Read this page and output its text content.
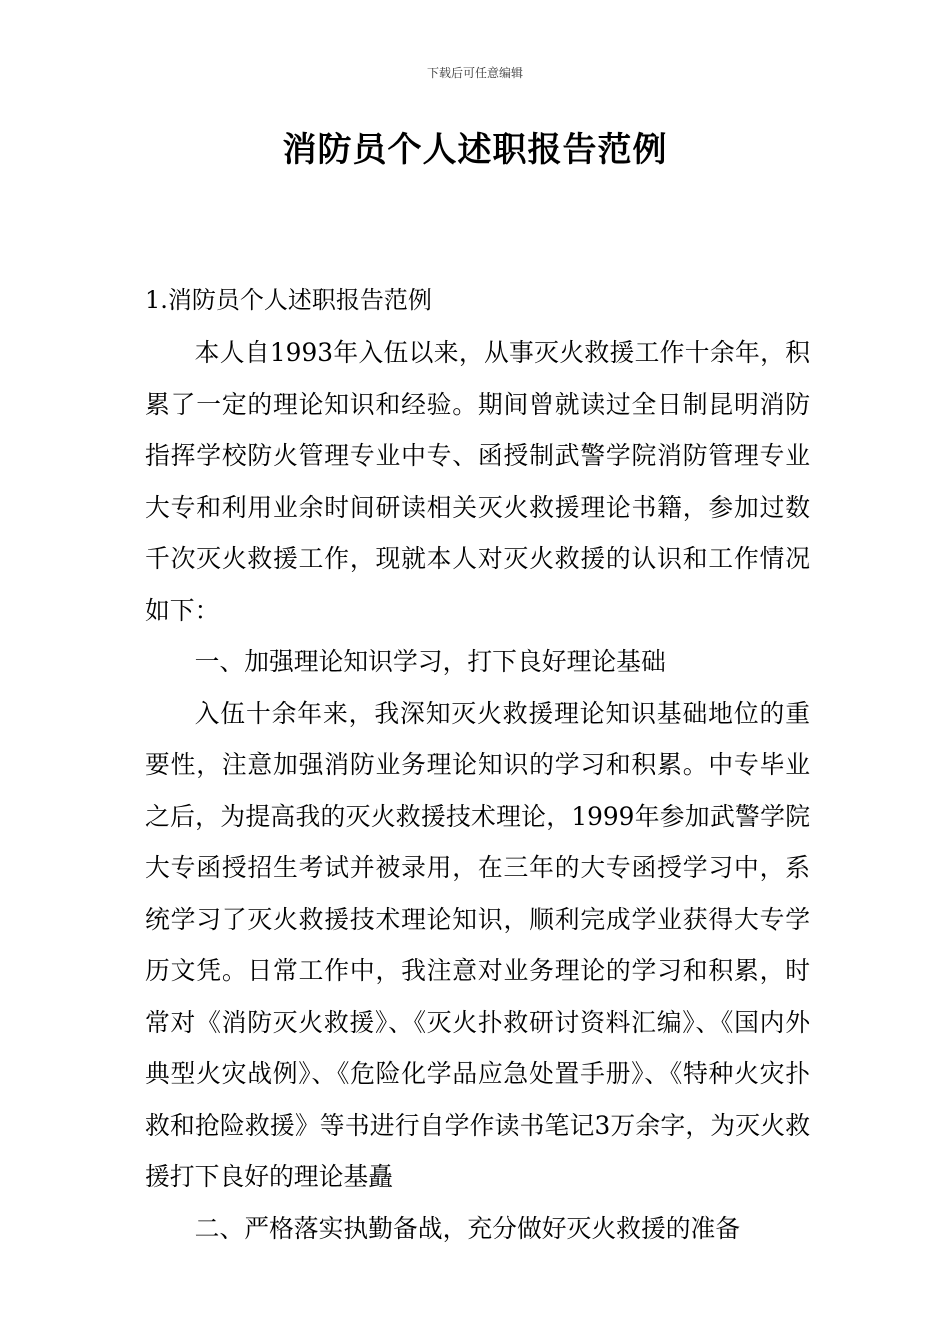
下载后可任意编辑
消防员个人述职报告范例
1.消防员个人述职报告范例

本人自1993年入伍以来，从事灭火救援工作十余年，积累了一定的理论知识和经验。期间曾就读过全日制昆明消防指挥学校防火管理专业中专、函授制武警学院消防管理专业大专和利用业余时间研读相关灭火救援理论书籍，参加过数千次灭火救援工作，现就本人对灭火救援的认识和工作情况如下：

一、加强理论知识学习，打下良好理论基础

入伍十余年来，我深知灭火救援理论知识基础地位的重要性，注意加强消防业务理论知识的学习和积累。中专毕业之后，为提高我的灭火救援技术理论，1999年参加武警学院大专函授招生考试并被录用，在三年的大专函授学习中，系统学习了灭火救援技术理论知识，顺利完成学业获得大专学历文凭。日常工作中，我注意对业务理论的学习和积累，时常对《消防灭火救援》、《灭火扑救研讨资料汇编》、《国内外典型火灾战例》、《危险化学品应急处置手册》、《特种火灾扑救和抢险救援》等书进行自学作读书笔记3万余字，为灭火救援打下良好的理论基矗

二、严格落实执勤备战，充分做好灭火救援的准备
